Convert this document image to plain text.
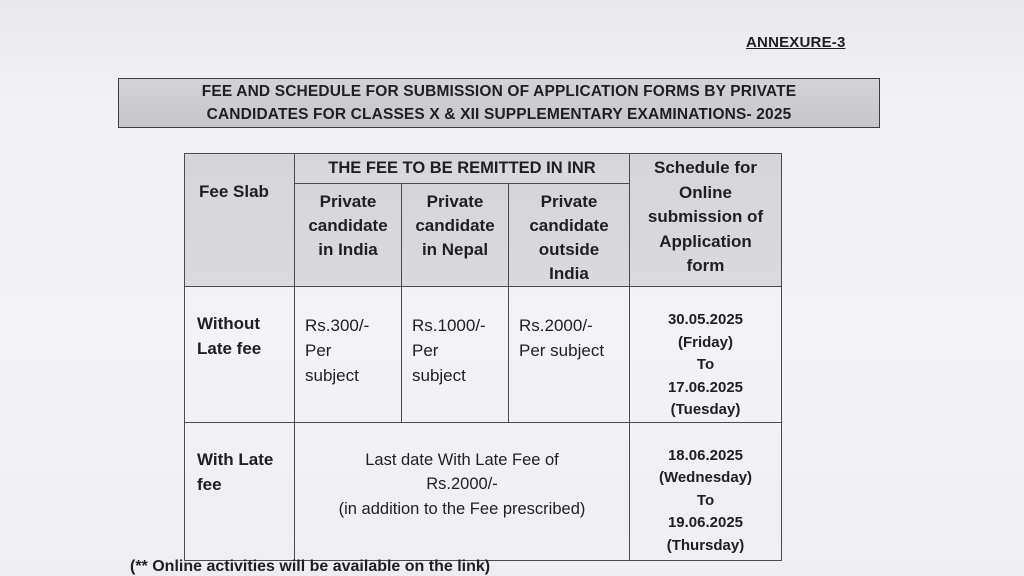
ANNEXURE-3
FEE AND SCHEDULE FOR SUBMISSION OF APPLICATION FORMS BY PRIVATE
CANDIDATES FOR CLASSES X & XII SUPPLEMENTARY EXAMINATIONS- 2025
Fee Slab	THE FEE TO BE REMITTED IN INR			Schedule for
Online
submission of
Application
form

	Private
candidate
in India	Private
candidate
in Nepal	Private
candidate
outside
India	

Without
Late fee	Rs.300/-
Per
subject	Rs.1000/-
Per
subject	Rs.2000/-
Per subject	30.05.2025
(Friday)
To
17.06.2025
(Tuesday)

With Late
fee	Last date With Late Fee of
Rs.2000/-
(in addition to the Fee prescribed)			18.06.2025
(Wednesday)
To
19.06.2025
(Thursday)
(** Online activities will be available on the link)
